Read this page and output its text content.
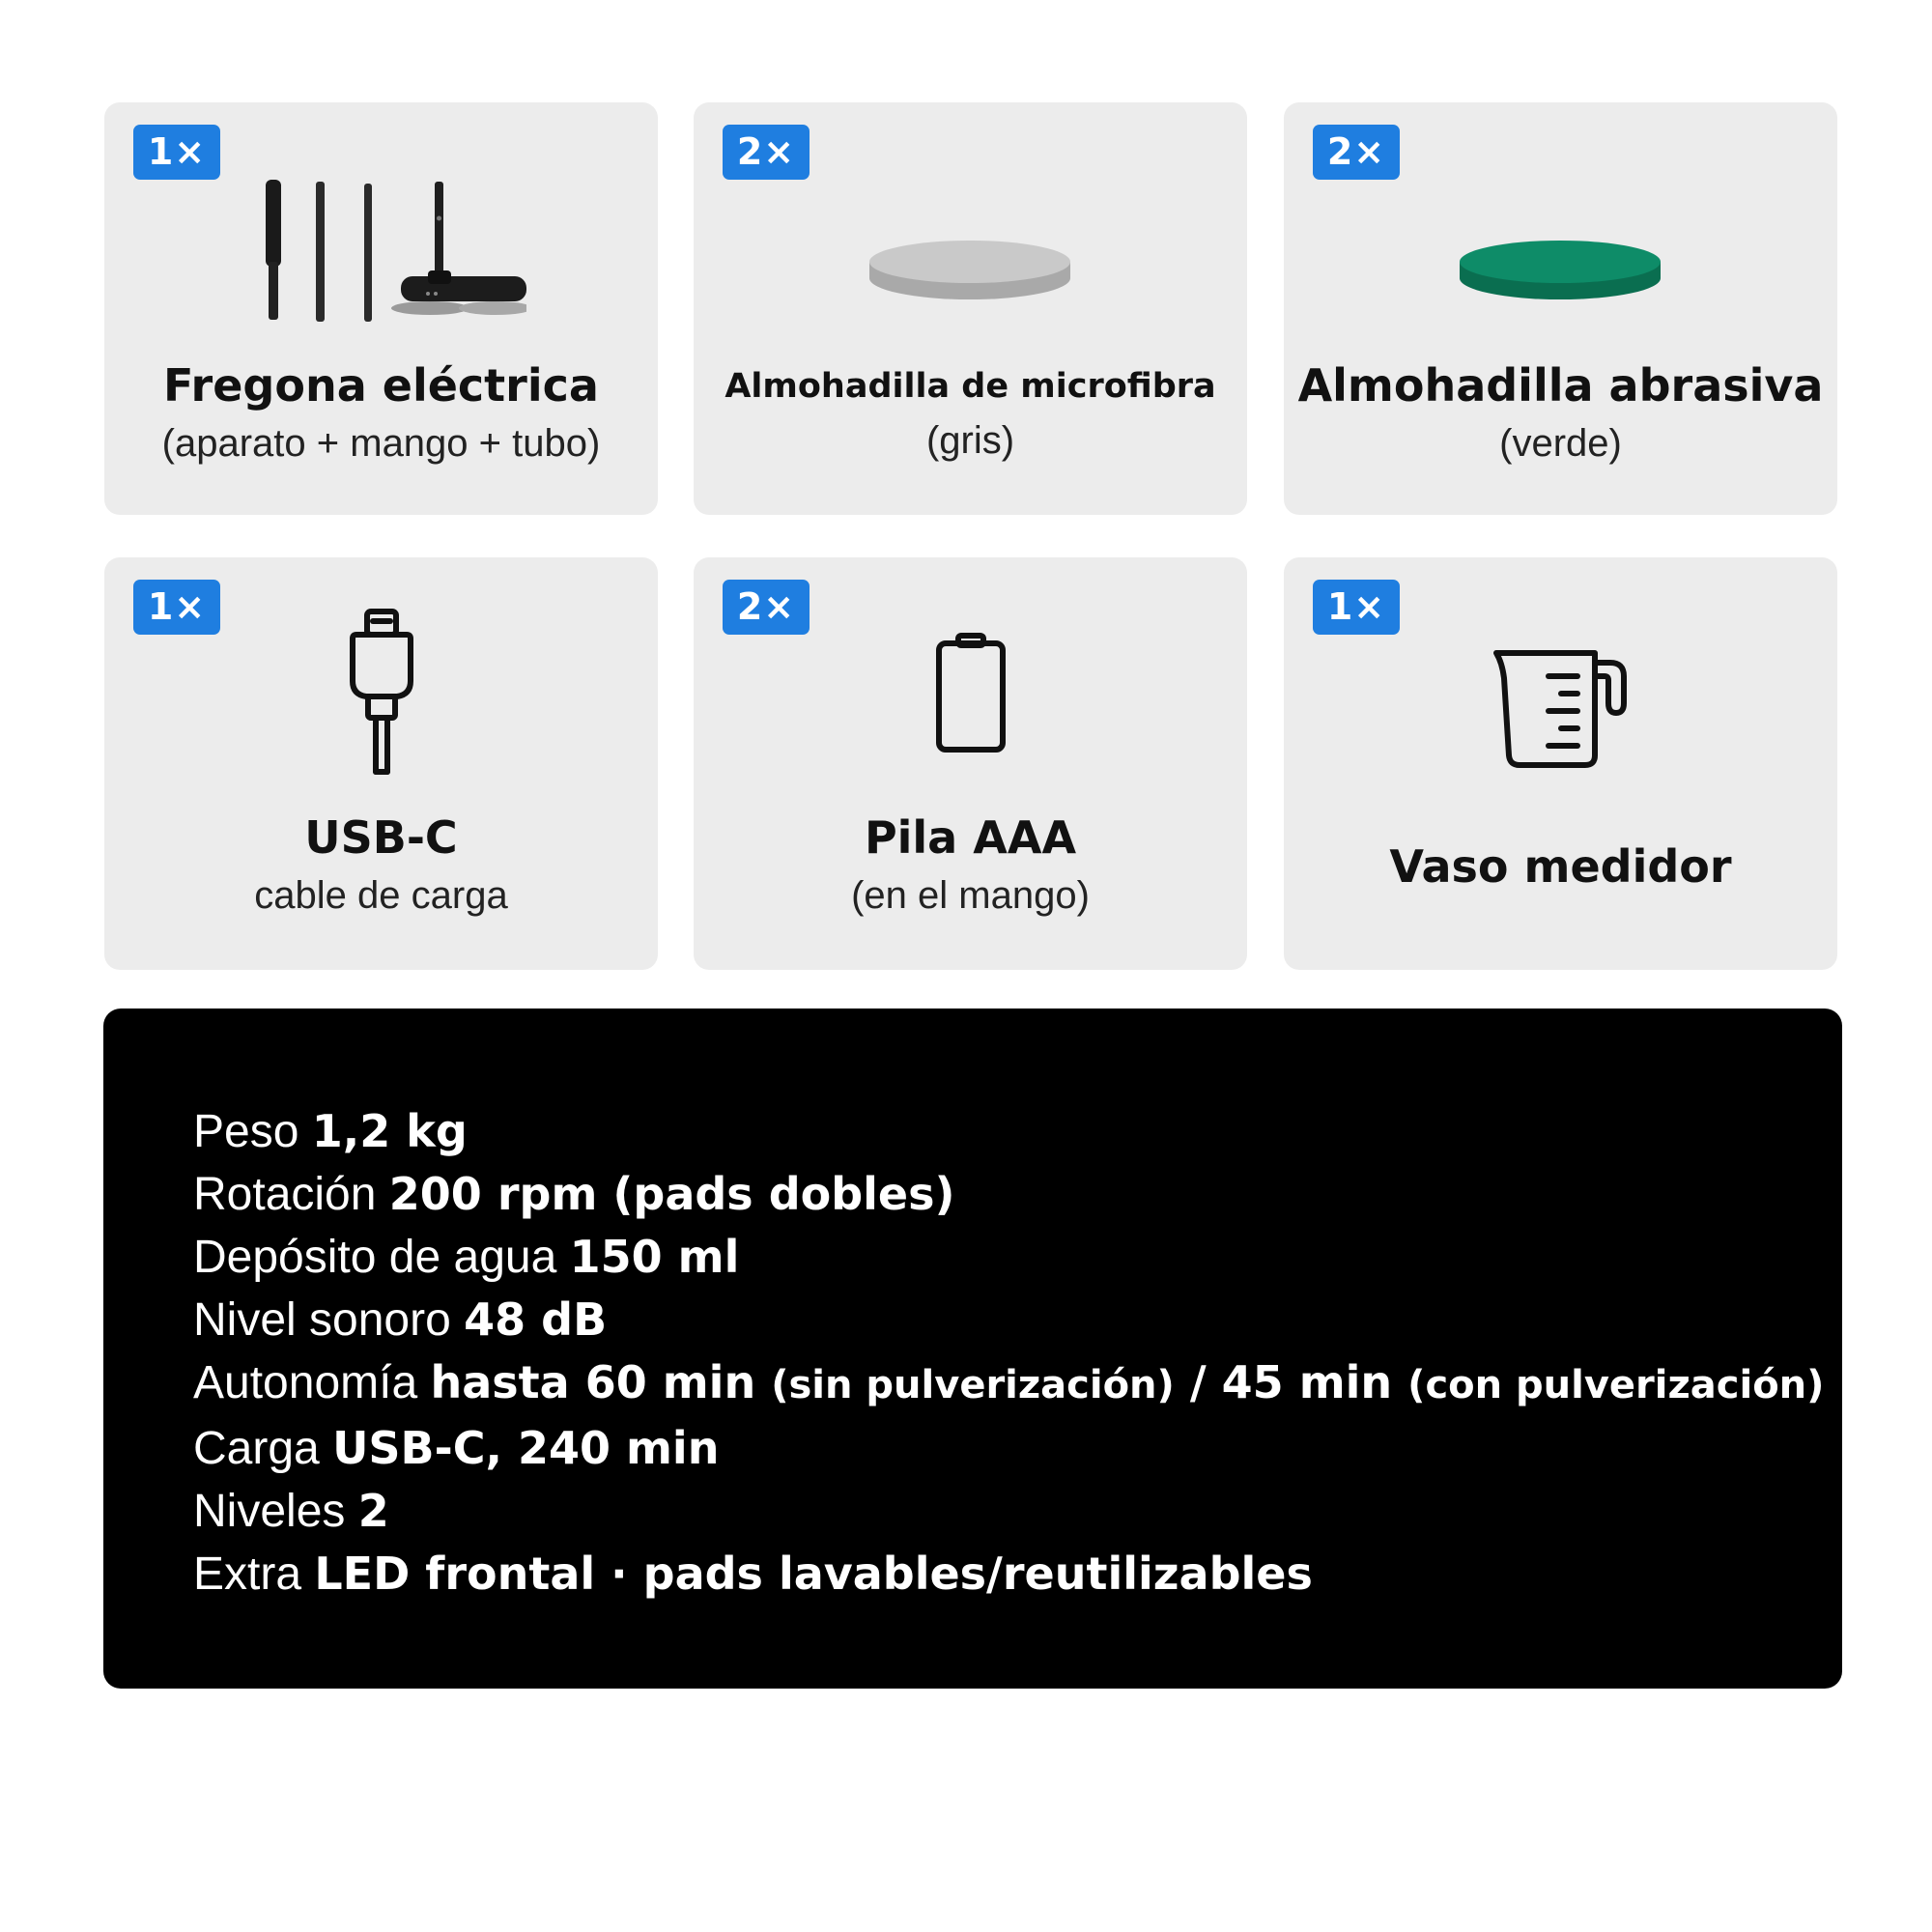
1×
Fregona eléctrica
(aparato + mango + tubo)
2×
Almohadilla de microfibra
(gris)
2×
Almohadilla abrasiva
(verde)
1×
USB-C
cable de carga
2×
Pila AAA
(en el mango)
1×
Vaso medidor
Peso 1,2 kg
Rotación 200 rpm (pads dobles)
Depósito de agua 150 ml
Nivel sonoro 48 dB
Autonomía hasta 60 min (sin pulverización) / 45 min (con pulverización)
Carga USB-C, 240 min
Niveles 2
Extra LED frontal · pads lavables/reutilizables
